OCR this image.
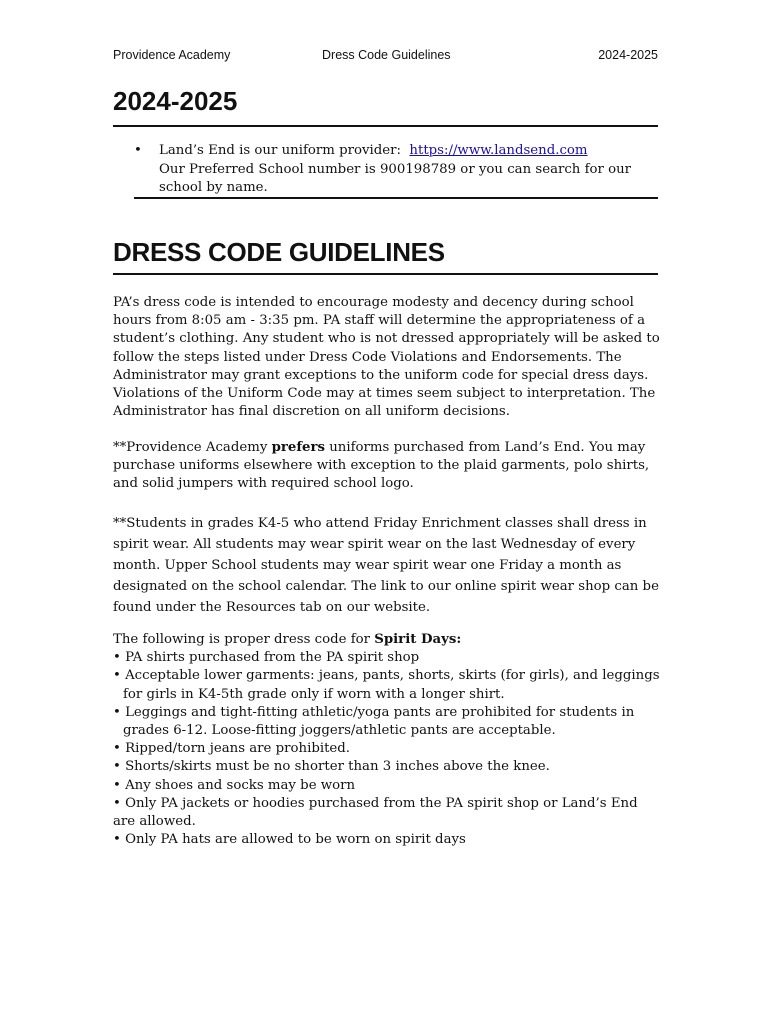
Providence Academy	Dress Code Guidelines	2024-2025
2024-2025
• Land’s End is our uniform provider: https://www.landsend.com
Our Preferred School number is 900198789 or you can search for our school by name.
DRESS CODE GUIDELINES
PA’s dress code is intended to encourage modesty and decency during school hours from 8:05 am - 3:35 pm. PA staff will determine the appropriateness of a student’s clothing. Any student who is not dressed appropriately will be asked to follow the steps listed under Dress Code Violations and Endorsements. The Administrator may grant exceptions to the uniform code for special dress days. Violations of the Uniform Code may at times seem subject to interpretation. The Administrator has final discretion on all uniform decisions.
**Providence Academy prefers uniforms purchased from Land’s End. You may purchase uniforms elsewhere with exception to the plaid garments, polo shirts, and solid jumpers with required school logo.
**Students in grades K4-5 who attend Friday Enrichment classes shall dress in spirit wear. All students may wear spirit wear on the last Wednesday of every month. Upper School students may wear spirit wear one Friday a month as designated on the school calendar. The link to our online spirit wear shop can be found under the Resources tab on our website.
The following is proper dress code for Spirit Days:
• PA shirts purchased from the PA spirit shop
• Acceptable lower garments: jeans, pants, shorts, skirts (for girls), and leggings for girls in K4-5th grade only if worn with a longer shirt.
• Leggings and tight-fitting athletic/yoga pants are prohibited for students in grades 6-12. Loose-fitting joggers/athletic pants are acceptable.
• Ripped/torn jeans are prohibited.
• Shorts/skirts must be no shorter than 3 inches above the knee.
• Any shoes and socks may be worn
• Only PA jackets or hoodies purchased from the PA spirit shop or Land’s End are allowed.
• Only PA hats are allowed to be worn on spirit days
